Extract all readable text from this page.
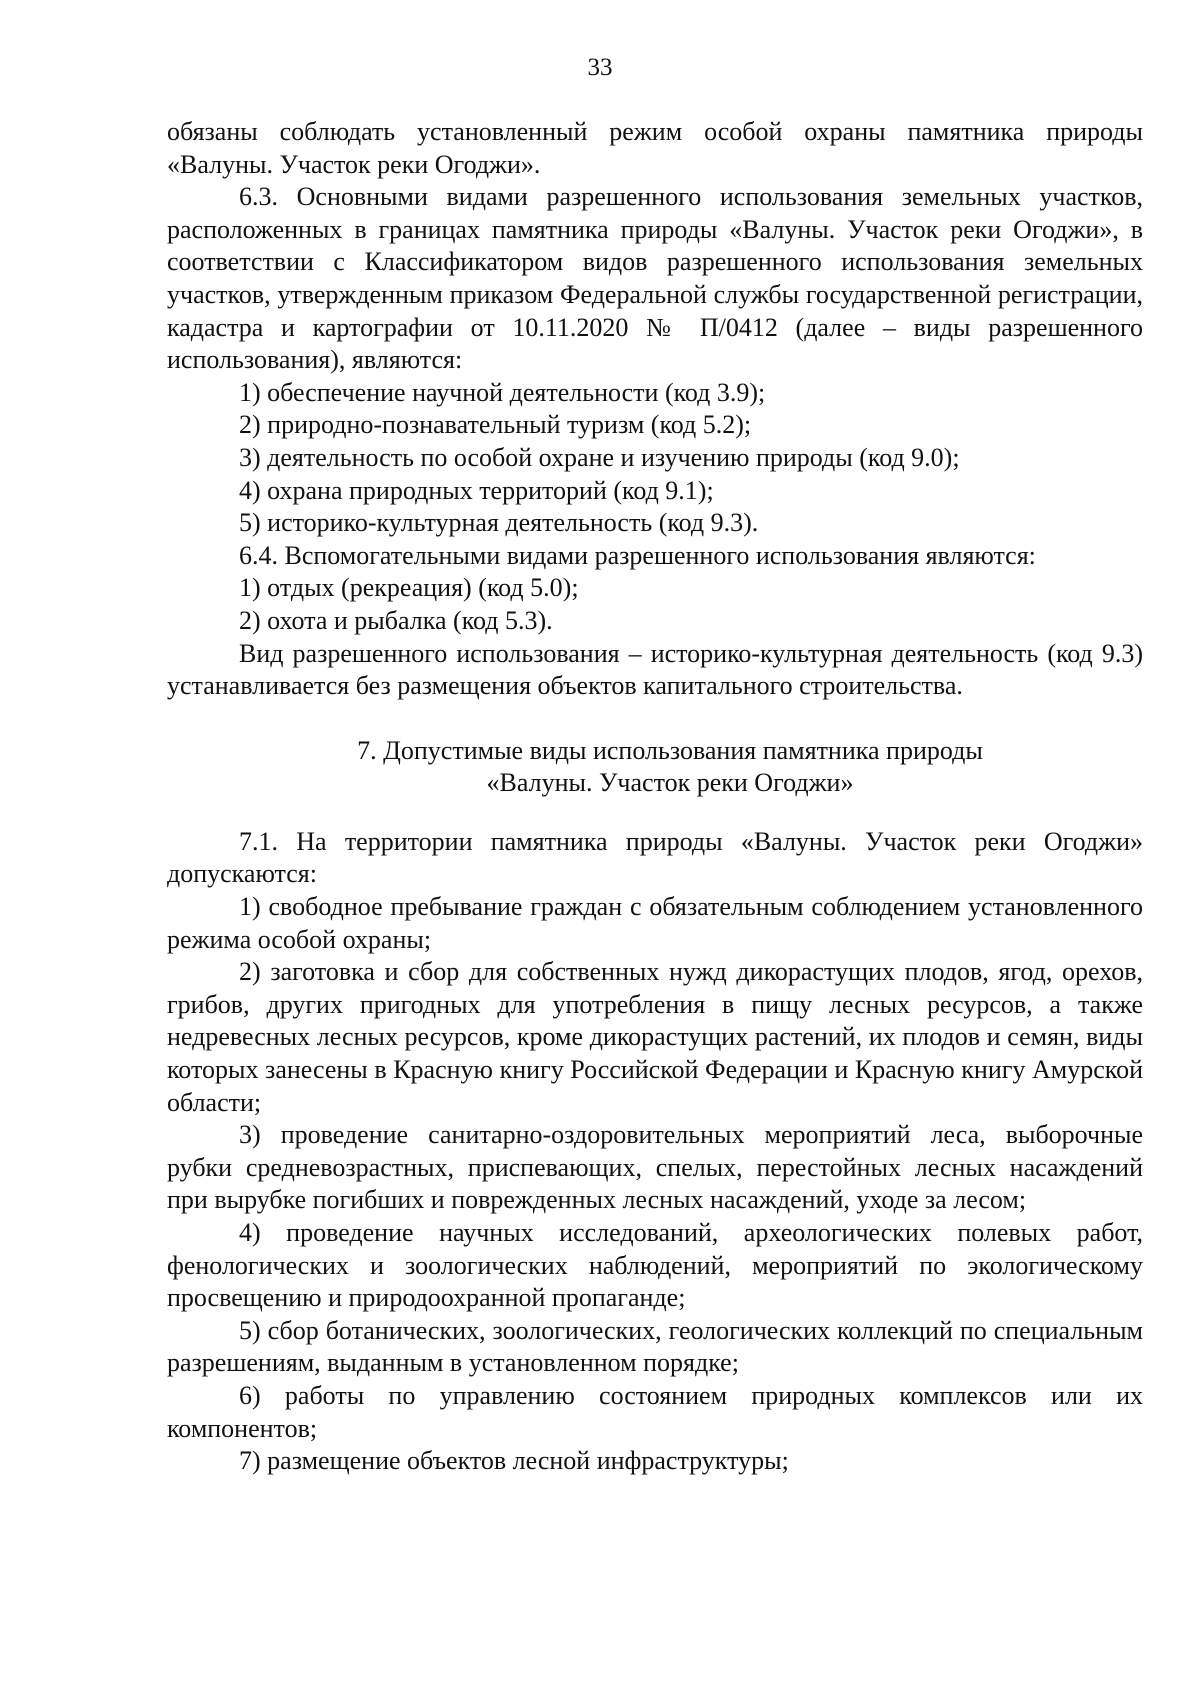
33

обязаны соблюдать установленный режим особой охраны памятника природы «Валуны. Участок реки Огоджи».

6.3. Основными видами разрешенного использования земельных участков, расположенных в границах памятника природы «Валуны. Участок реки Огоджи», в соответствии с Классификатором видов разрешенного использования земельных участков, утвержденным приказом Федеральной службы государственной регистрации, кадастра и картографии от 10.11.2020 № П/0412 (далее – виды разрешенного использования), являются:

1) обеспечение научной деятельности (код 3.9);

2) природно-познавательный туризм (код 5.2);

3) деятельность по особой охране и изучению природы (код 9.0);

4) охрана природных территорий (код 9.1);

5) историко-культурная деятельность (код 9.3).

6.4. Вспомогательными видами разрешенного использования являются:

1) отдых (рекреация) (код 5.0);

2) охота и рыбалка (код 5.3).

Вид разрешенного использования – историко-культурная деятельность (код 9.3) устанавливается без размещения объектов капитального строительства.

7. Допустимые виды использования памятника природы

«Валуны. Участок реки Огоджи»

7.1. На территории памятника природы «Валуны. Участок реки Огоджи» допускаются:

1) свободное пребывание граждан с обязательным соблюдением установленного режима особой охраны;

2) заготовка и сбор для собственных нужд дикорастущих плодов, ягод, орехов, грибов, других пригодных для употребления в пищу лесных ресурсов, а также недревесных лесных ресурсов, кроме дикорастущих растений, их плодов и семян, виды которых занесены в Красную книгу Российской Федерации и Красную книгу Амурской области;

3) проведение санитарно-оздоровительных мероприятий леса, выборочные рубки средневозрастных, приспевающих, спелых, перестойных лесных насаждений при вырубке погибших и поврежденных лесных насаждений, уходе за лесом;

4) проведение научных исследований, археологических полевых работ, фенологических и зоологических наблюдений, мероприятий по экологическому просвещению и природоохранной пропаганде;

5) сбор ботанических, зоологических, геологических коллекций по специальным разрешениям, выданным в установленном порядке;

6) работы по управлению состоянием природных комплексов или их компонентов;

7) размещение объектов лесной инфраструктуры;
